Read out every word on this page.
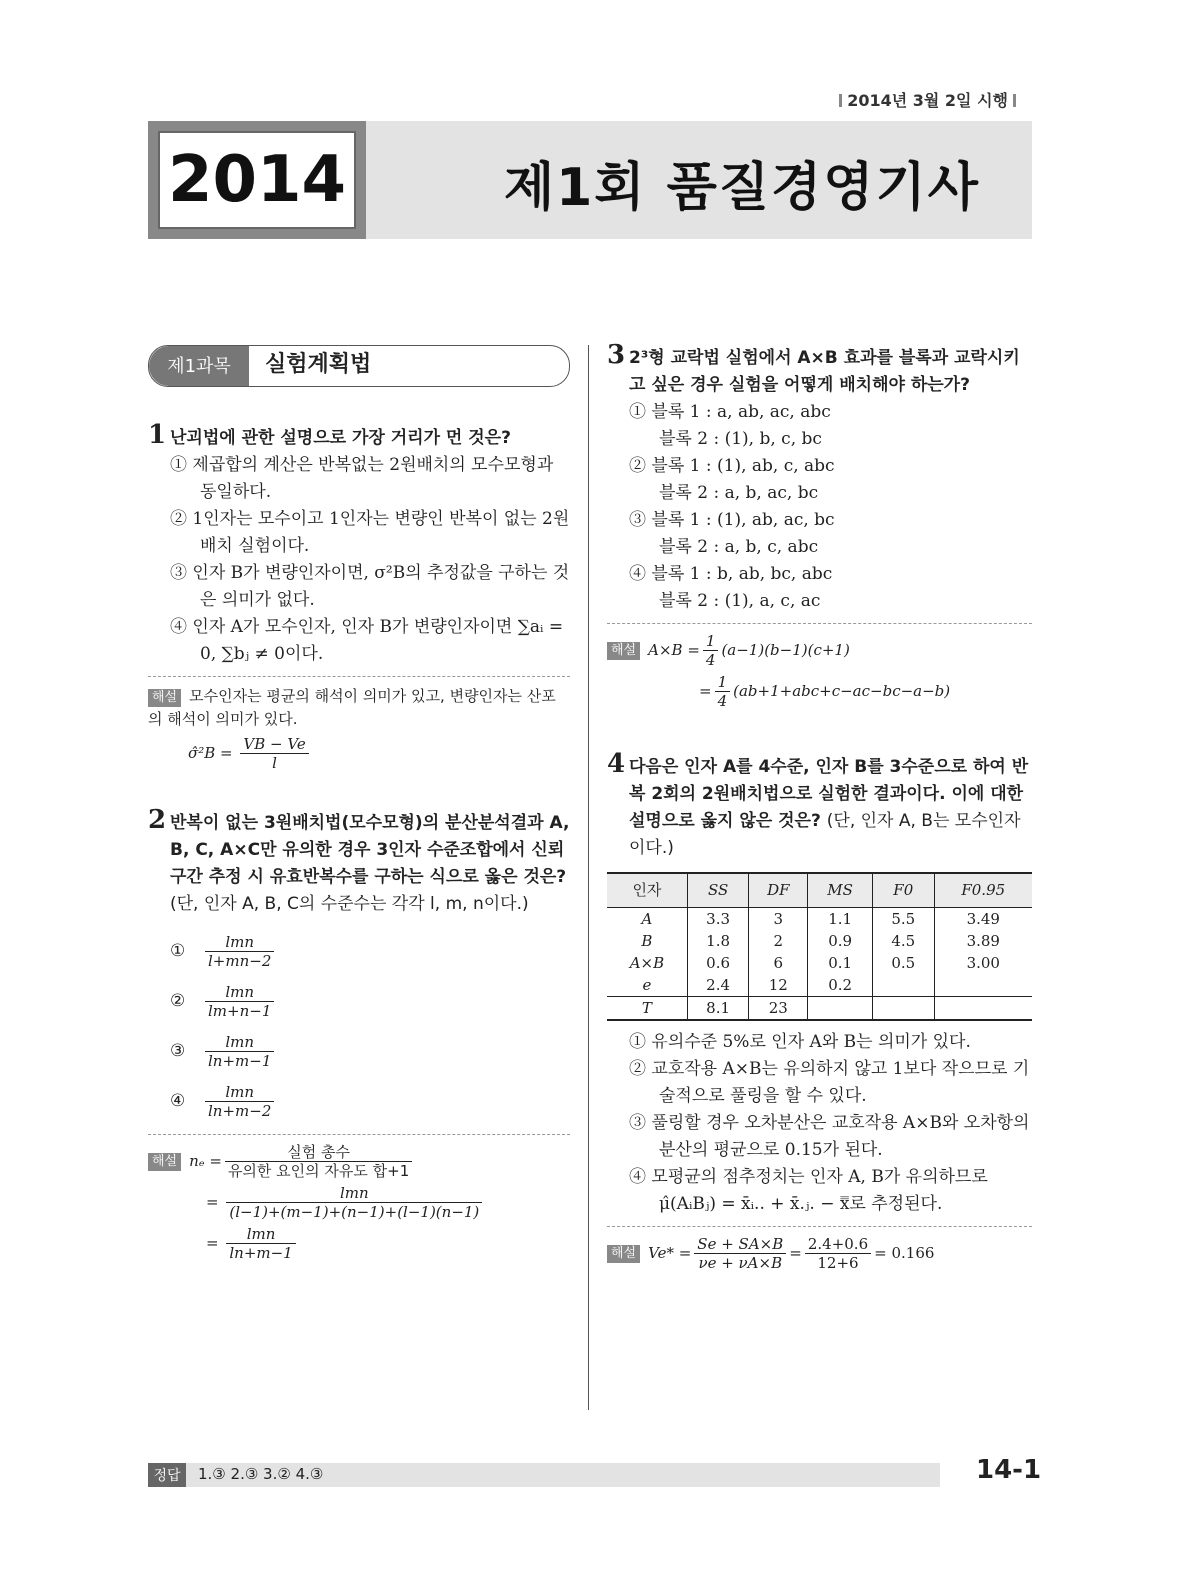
2014년 3월 2일 시행
2014	제1회 품질경영기사
제1과목	실험계획법
1 난괴법에 관한 설명으로 가장 거리가 먼 것은?
① 제곱합의 계산은 반복없는 2원배치의 모수모형과 동일하다.
② 1인자는 모수이고 1인자는 변량인 반복이 없는 2원배치 실험이다.
③ 인자 B가 변량인자이면, σ²B의 추정값을 구하는 것은 의미가 없다.
④ 인자 A가 모수인자, 인자 B가 변량인자이면 ∑aᵢ = 0, ∑bⱼ ≠ 0이다.
해설 모수인자는 평균의 해석이 의미가 있고, 변량인자는 산포의 해석이 의미가 있다.
σ̂²B = $\frac{VB - Ve}{l}$
2 반복이 없는 3원배치법(모수모형)의 분산분석결과 A, B, C, A×C만 유의한 경우 3인자 수준조합에서 신뢰구간 추정 시 유효반복수를 구하는 식으로 옳은 것은? (단, 인자 A, B, C의 수준수는 각각 l, m, n이다.)
①	$\frac{\text{lmn}}{l+mn-2}$
②	$\frac{\text{lmn}}{lm+n-1}$
③	$\frac{\text{lmn}}{\ln+m-1}$
④	$\frac{\text{lmn}}{\ln+m-2}$
해설 $n_e = \frac{\text{실험 총수}}{\text{유의한 요인의 자유도 합+1}}$
= $\frac{\text{lmn}}{(l-1)+(m-1)+(n-1)+(l-1)(n-1)}$
= $\frac{\text{lmn}}{\ln+m-1}$
3 2³형 교락법 실험에서 A×B 효과를 블록과 교락시키고 싶은 경우 실험을 어떻게 배치해야 하는가?
① 블록 1 : a, ab, ac, abc
블록 2 : (1), b, c, bc
② 블록 1 : (1), ab, c, abc
블록 2 : a, b, ac, bc
③ 블록 1 : (1), ab, ac, bc
블록 2 : a, b, c, abc
④ 블록 1 : b, ab, bc, abc
블록 2 : (1), a, c, ac
해설 $A\times B = \frac{1}{4} (a-1)(b-1)(c+1)$
= $\frac{1}{4} (ab+1+abc+c-ac-bc-a-b)$
4 다음은 인자 A를 4수준, 인자 B를 3수준으로 하여 반복 2회의 2원배치법으로 실험한 결과이다. 이에 대한 설명으로 옳지 않은 것은? (단, 인자 A, B는 모수인자이다.)
인자	SS	DF	MS	F0	F0.95
A	3.3	3	1.1	5.5	3.49
B	1.8	2	0.9	4.5	3.89
A×B	0.6	6	0.1	0.5	3.00
e	2.4	12	0.2		
T	8.1	23			
① 유의수준 5%로 인자 A와 B는 의미가 있다.
② 교호작용 A×B는 유의하지 않고 1보다 작으므로 기술적으로 풀링을 할 수 있다.
③ 풀링할 경우 오차분산은 교호작용 A×B와 오차항의 분산의 평균으로 0.15가 된다.
④ 모평균의 점추정치는 인자 A, B가 유의하므로 μ̂(AᵢBⱼ) = x̄ᵢ.. + x̄.ⱼ. − x̿로 추정된다.
해설 $Ve* = \frac{Se + SA\times B}{\nu e + \nu A\times B} = \frac{2.4+0.6}{12+6} = 0.166$
정답	1.③ 2.③ 3.② 4.③	14-1
